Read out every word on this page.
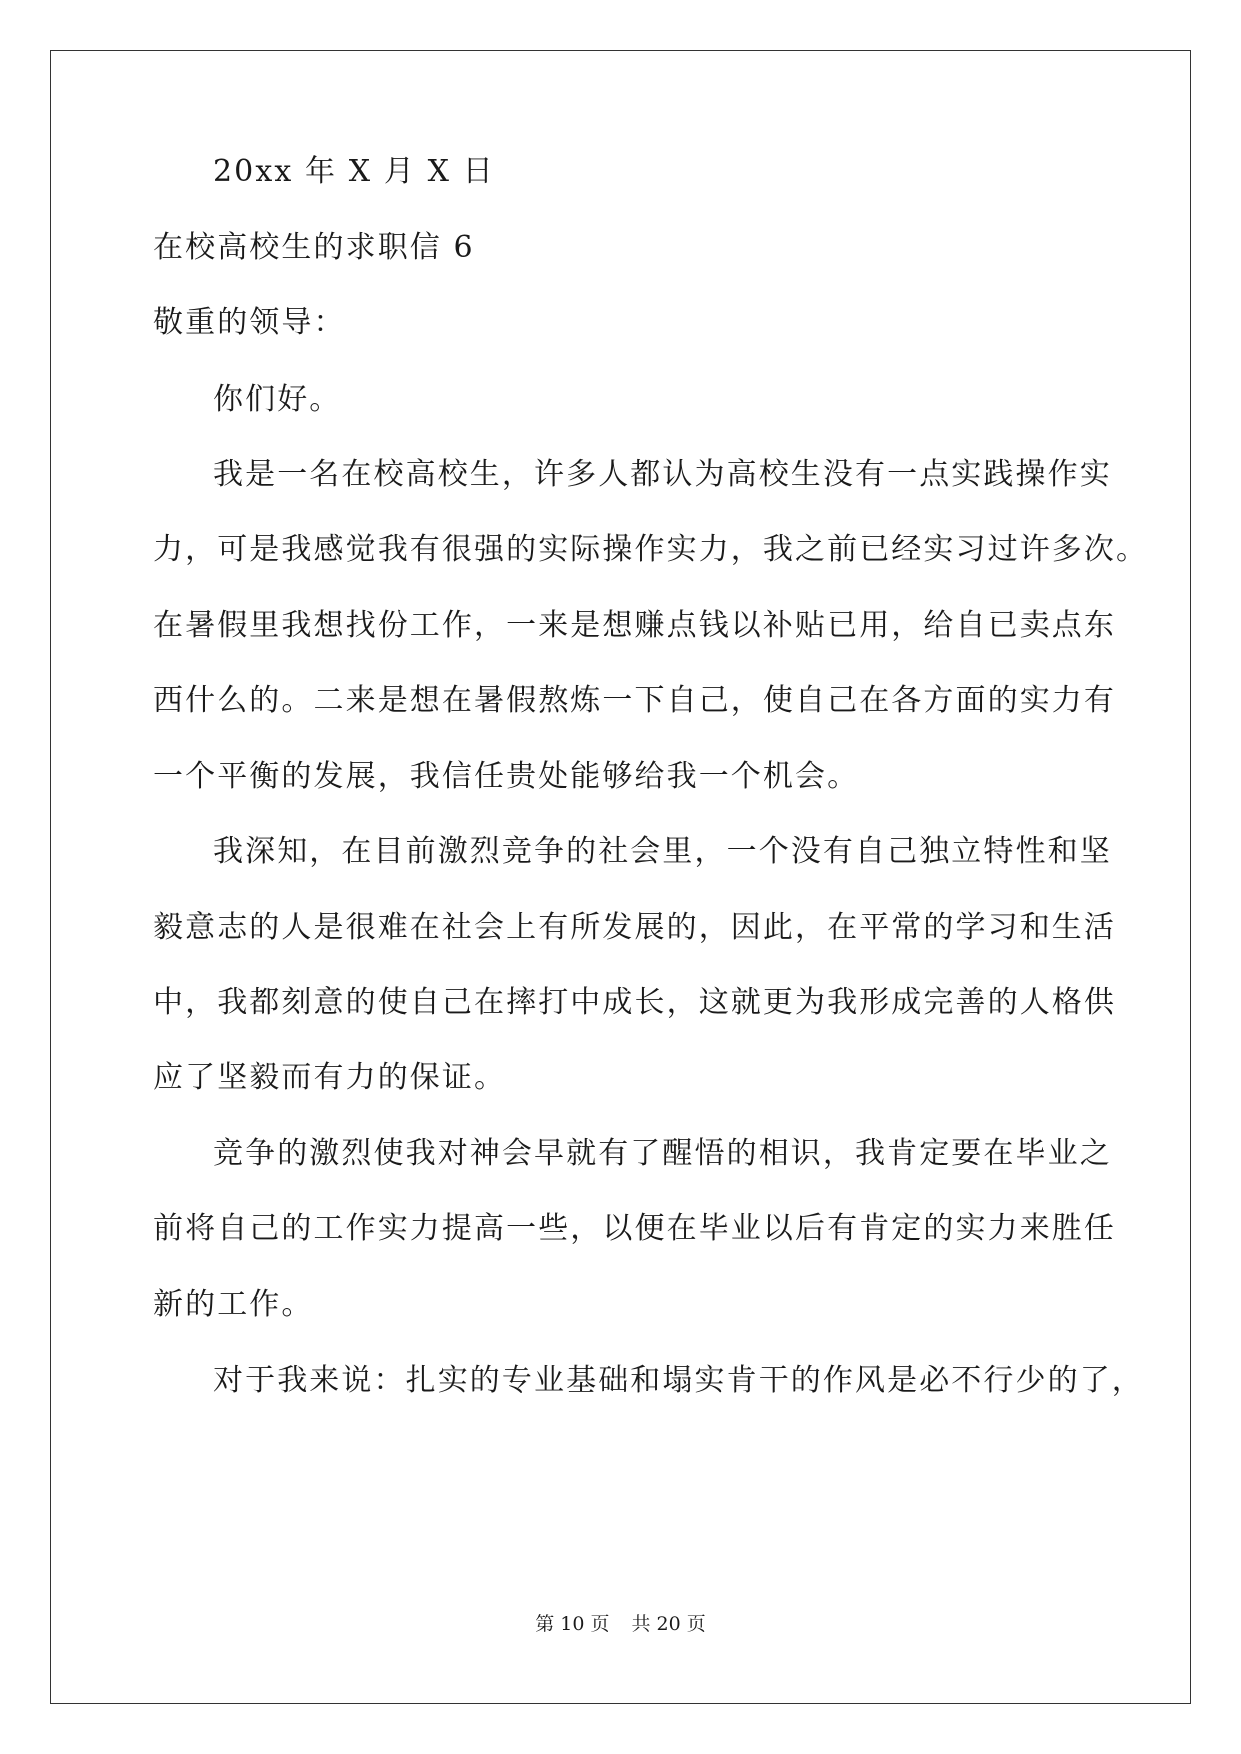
20xx 年 X 月 X 日
在校高校生的求职信 6
敬重的领导：
你们好。
我是一名在校高校生，许多人都认为高校生没有一点实践操作实
力，可是我感觉我有很强的实际操作实力，我之前已经实习过许多次。
在暑假里我想找份工作，一来是想赚点钱以补贴已用，给自已卖点东
西什么的。二来是想在暑假熬炼一下自己，使自己在各方面的实力有
一个平衡的发展，我信任贵处能够给我一个机会。
我深知，在目前激烈竞争的社会里，一个没有自己独立特性和坚
毅意志的人是很难在社会上有所发展的，因此，在平常的学习和生活
中，我都刻意的使自己在摔打中成长，这就更为我形成完善的人格供
应了坚毅而有力的保证。
竞争的激烈使我对神会早就有了醒悟的相识，我肯定要在毕业之
前将自己的工作实力提高一些，以便在毕业以后有肯定的实力来胜任
新的工作。
对于我来说：扎实的专业基础和塌实肯干的作风是必不行少的了，
第 10 页 共 20 页
